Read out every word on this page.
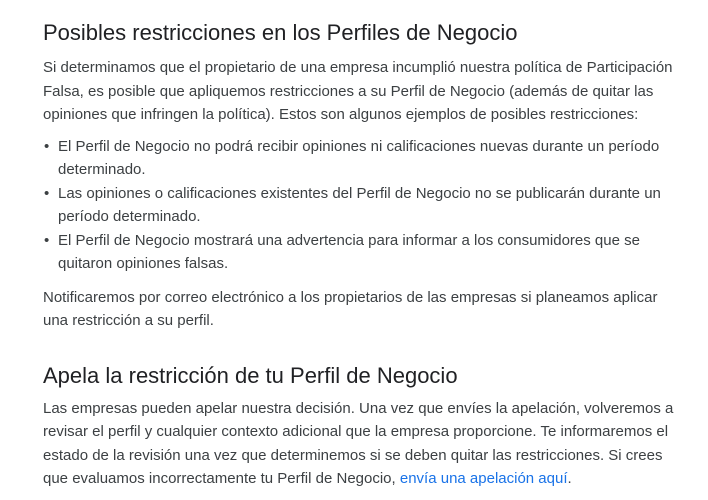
Posibles restricciones en los Perfiles de Negocio

Si determinamos que el propietario de una empresa incumplió nuestra política de Participación Falsa, es posible que apliquemos restricciones a su Perfil de Negocio (además de quitar las opiniones que infringen la política). Estos son algunos ejemplos de posibles restricciones:

• El Perfil de Negocio no podrá recibir opiniones ni calificaciones nuevas durante un período determinado.
• Las opiniones o calificaciones existentes del Perfil de Negocio no se publicarán durante un período determinado.
• El Perfil de Negocio mostrará una advertencia para informar a los consumidores que se quitaron opiniones falsas.

Notificaremos por correo electrónico a los propietarios de las empresas si planeamos aplicar una restricción a su perfil.

Apela la restricción de tu Perfil de Negocio

Las empresas pueden apelar nuestra decisión. Una vez que envíes la apelación, volveremos a revisar el perfil y cualquier contexto adicional que la empresa proporcione. Te informaremos el estado de la revisión una vez que determinemos si se deben quitar las restricciones. Si crees que evaluamos incorrectamente tu Perfil de Negocio, envía una apelación aquí.
